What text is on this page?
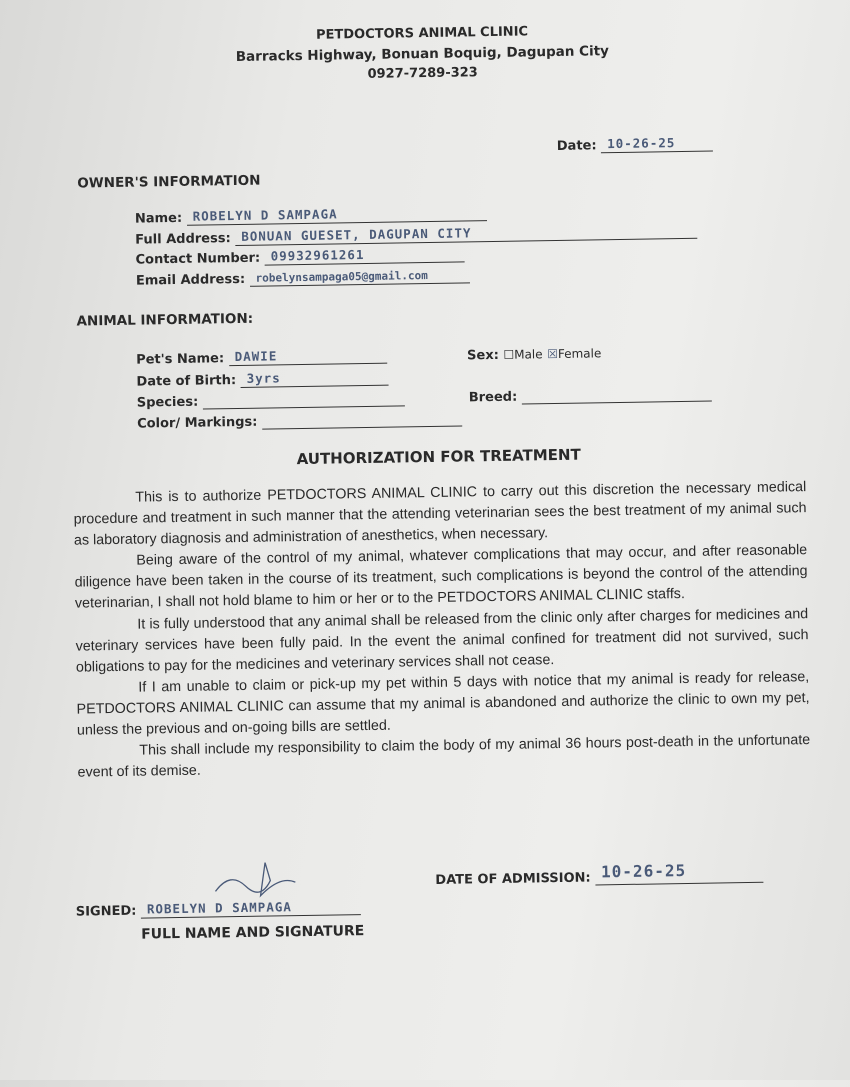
PETDOCTORS ANIMAL CLINIC
Barracks Highway, Bonuan Boquig, Dagupan City
0927-7289-323
Date: 10-26-25
OWNER'S INFORMATION
Name: ROBELYN D SAMPAGA
Full Address: BONUAN GUESET, DAGUPAN CITY
Contact Number: 09932961261
Email Address: robelynsampaga05@gmail.com
ANIMAL INFORMATION:
Pet's Name: DAWIE
Date of Birth: 3yrs
Species:
Color/ Markings:
Sex: ☐Male ☒Female
Breed:
AUTHORIZATION FOR TREATMENT

This is to authorize PETDOCTORS ANIMAL CLINIC to carry out this discretion the necessary medical procedure and treatment in such manner that the attending veterinarian sees the best treatment of my animal such as laboratory diagnosis and administration of anesthetics, when necessary.

Being aware of the control of my animal, whatever complications that may occur, and after reasonable diligence have been taken in the course of its treatment, such complications is beyond the control of the attending veterinarian, I shall not hold blame to him or her or to the PETDOCTORS ANIMAL CLINIC staffs.

It is fully understood that any animal shall be released from the clinic only after charges for medicines and veterinary services have been fully paid. In the event the animal confined for treatment did not survived, such obligations to pay for the medicines and veterinary services shall not cease.

If I am unable to claim or pick-up my pet within 5 days with notice that my animal is ready for release, PETDOCTORS ANIMAL CLINIC can assume that my animal is abandoned and authorize the clinic to own my pet, unless the previous and on-going bills are settled.

This shall include my responsibility to claim the body of my animal 36 hours post-death in the unfortunate event of its demise.

SIGNED: ROBELYN D SAMPAGA
FULL NAME AND SIGNATURE
DATE OF ADMISSION: 10-26-25
